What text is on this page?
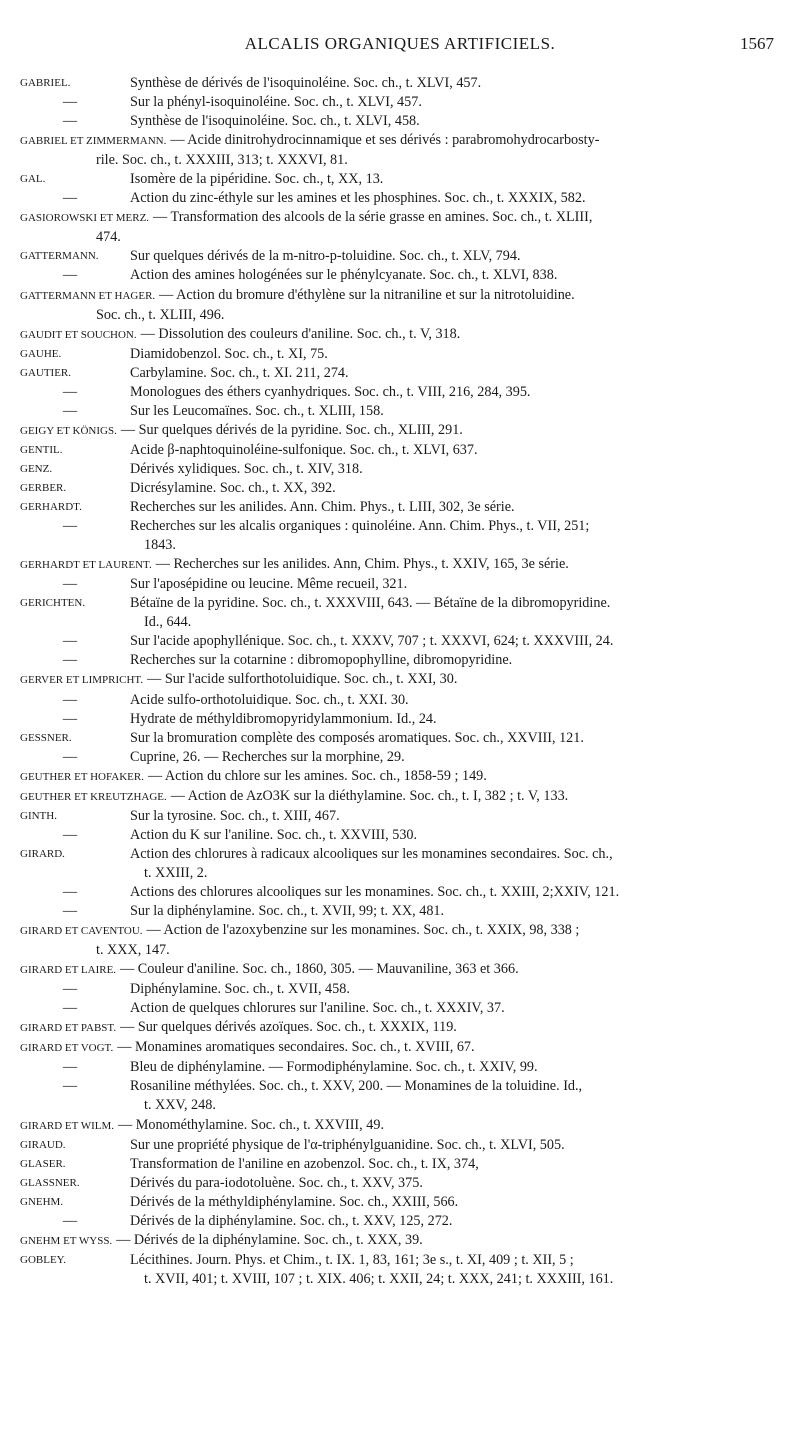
ALCALIS ORGANIQUES ARTIFICIELS.	1567
GABRIEL.	Synthèse de dérivés de l'isoquinoléine. Soc. ch., t. XLVI, 457.
—	Sur la phényl-isoquinoléine. Soc. ch., t. XLVI, 457.
—	Synthèse de l'isoquinoléine. Soc. ch., t. XLVI, 458.
GABRIEL ET ZIMMERMANN. — Acide dinitrohydrocinnamique et ses dérivés : parabromohydrocarbosty-
rile. Soc. ch., t. XXXIII, 313; t. XXXVI, 81.
GAL.	Isomère de la pipéridine. Soc. ch., t, XX, 13.
—	Action du zinc-éthyle sur les amines et les phosphines. Soc. ch., t. XXXIX, 582.
GASIOROWSKI ET MERZ. — Transformation des alcools de la série grasse en amines. Soc. ch., t. XLIII,
474.
GATTERMANN. Sur quelques dérivés de la m-nitro-p-toluidine. Soc. ch., t. XLV, 794.
—	Action des amines hologénées sur le phénylcyanate. Soc. ch., t. XLVI, 838.
GATTERMANN ET HAGER. — Action du bromure d'éthylène sur la nitraniline et sur la nitrotoluidine.
Soc. ch., t. XLIII, 496.
GAUDIT ET SOUCHON. — Dissolution des couleurs d'aniline. Soc. ch., t. V, 318.
GAUHE.	Diamidobenzol. Soc. ch., t. XI, 75.
GAUTIER.	Carbylamine. Soc. ch., t. XI. 211, 274.
—	Monologues des éthers cyanhydriques. Soc. ch., t. VIII, 216, 284, 395.
—	Sur les Leucomaïnes. Soc. ch., t. XLIII, 158.
GEIGY ET KÖNIGS. — Sur quelques dérivés de la pyridine. Soc. ch., XLIII, 291.
GENTIL.	Acide β-naphtoquinoléine-sulfonique. Soc. ch., t. XLVI, 637.
GENZ.	Dérivés xylidiques. Soc. ch., t. XIV, 318.
GERBER.	Dicrésylamine. Soc. ch., t. XX, 392.
GERHARDT.	Recherches sur les anilides. Ann. Chim. Phys., t. LIII, 302, 3e série.
—	Recherches sur les alcalis organiques : quinoléine. Ann. Chim. Phys., t. VII, 251;
1843.
GERHARDT ET LAURENT. — Recherches sur les anilides. Ann, Chim. Phys., t. XXIV, 165, 3e série.
—	Sur l'aposépidine ou leucine. Même recueil, 321.
GERICHTEN.	Bétaïne de la pyridine. Soc. ch., t. XXXVIII, 643. — Bétaïne de la dibromopyridine.
Id., 644.
—	Sur l'acide apophyllénique. Soc. ch., t. XXXV, 707 ; t. XXXVI, 624; t. XXXVIII, 24.
—	Recherches sur la cotarnine : dibromopophylline, dibromopyridine.
GERVER ET LIMPRICHT. — Sur l'acide sulforthotoluidique. Soc. ch., t. XXI, 30.
—	Acide sulfo-orthotoluidique. Soc. ch., t. XXI. 30.
—	Hydrate de méthyldibromopyridylammonium. Id., 24.
GESSNER.	Sur la bromuration complète des composés aromatiques. Soc. ch., XXVIII, 121.
—	Cuprine, 26. — Recherches sur la morphine, 29.
GEUTHER ET HOFAKER. — Action du chlore sur les amines. Soc. ch., 1858-59 ; 149.
GEUTHER ET KREUTZHAGE. — Action de AzO3K sur la diéthylamine. Soc. ch., t. I, 382 ; t. V, 133.
GINTH.	Sur la tyrosine. Soc. ch., t. XIII, 467.
—	Action du K sur l'aniline. Soc. ch., t. XXVIII, 530.
GIRARD.	Action des chlorures à radicaux alcooliques sur les monamines secondaires. Soc. ch.,
t. XXIII, 2.
—	Actions des chlorures alcooliques sur les monamines. Soc. ch., t. XXIII, 2;XXIV, 121.
—	Sur la diphénylamine. Soc. ch., t. XVII, 99; t. XX, 481.
GIRARD ET CAVENTOU. — Action de l'azoxybenzine sur les monamines. Soc. ch., t. XXIX, 98, 338 ;
t. XXX, 147.
GIRARD ET LAIRE. — Couleur d'aniline. Soc. ch., 1860, 305. — Mauvaniline, 363 et 366.
—	Diphénylamine. Soc. ch., t. XVII, 458.
—	Action de quelques chlorures sur l'aniline. Soc. ch., t. XXXIV, 37.
GIRARD ET PABST. — Sur quelques dérivés azoïques. Soc. ch., t. XXXIX, 119.
GIRARD ET VOGT. — Monamines aromatiques secondaires. Soc. ch., t. XVIII, 67.
—	Bleu de diphénylamine. — Formodiphénylamine. Soc. ch., t. XXIV, 99.
—	Rosaniline méthylées. Soc. ch., t. XXV, 200. — Monamines de la toluidine. Id.,
t. XXV, 248.
GIRARD ET WILM. — Monométhylamine. Soc. ch., t. XXVIII, 49.
GIRAUD.	Sur une propriété physique de l'α-triphénylguanidine. Soc. ch., t. XLVI, 505.
GLASER.	Transformation de l'aniline en azobenzol. Soc. ch., t. IX, 374,
GLASSNER.	Dérivés du para-iodotoluène. Soc. ch., t. XXV, 375.
GNEHM.	Dérivés de la méthyldiphénylamine. Soc. ch., XXIII, 566.
—	Dérivés de la diphénylamine. Soc. ch., t. XXV, 125, 272.
GNEHM ET WYSS. — Dérivés de la diphénylamine. Soc. ch., t. XXX, 39.
GOBLEY.	Lécithines. Journ. Phys. et Chim., t. IX. 1, 83, 161; 3e s., t. XI, 409 ; t. XII, 5 ;
t. XVII, 401; t. XVIII, 107 ; t. XIX. 406; t. XXII, 24; t. XXX, 241; t. XXXIII, 161.
